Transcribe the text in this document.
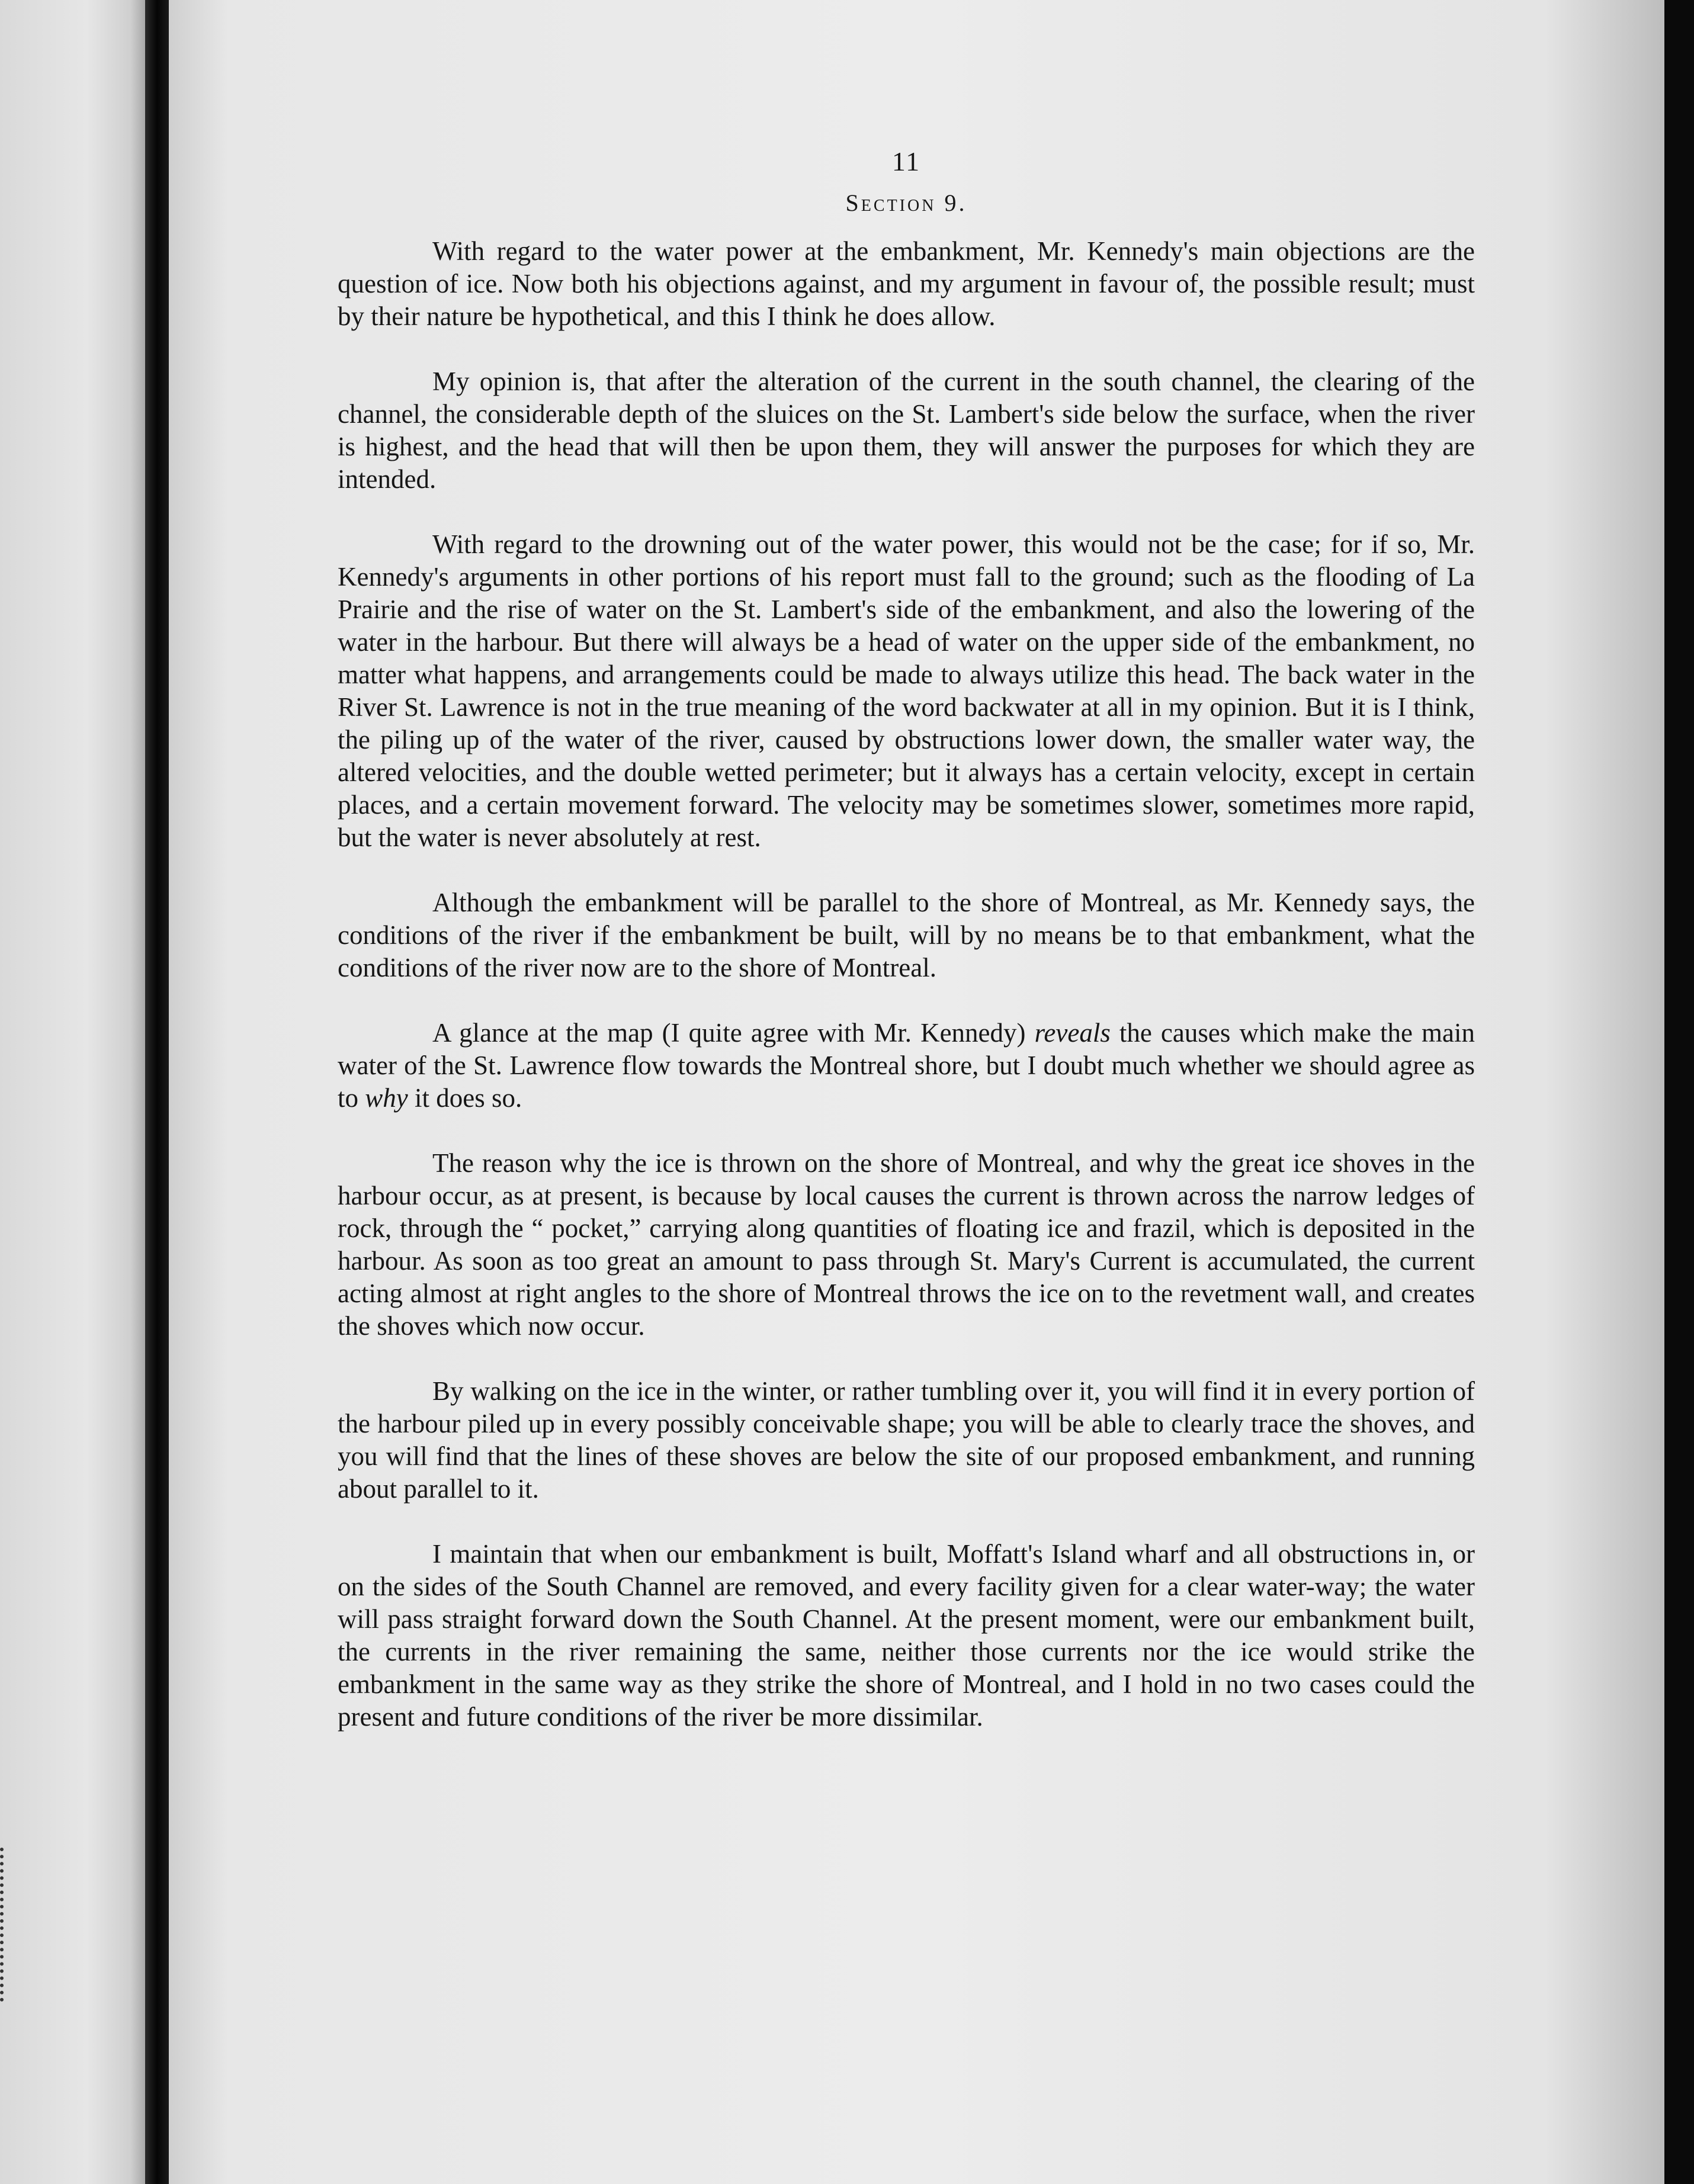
11

Section 9.

With regard to the water power at the embankment, Mr. Kennedy's main objections are the question of ice. Now both his objections against, and my argument in favour of, the possible result; must by their nature be hypothetical, and this I think he does allow.

My opinion is, that after the alteration of the current in the south channel, the clearing of the channel, the considerable depth of the sluices on the St. Lambert's side below the surface, when the river is highest, and the head that will then be upon them, they will answer the purposes for which they are intended.

With regard to the drowning out of the water power, this would not be the case; for if so, Mr. Kennedy's arguments in other portions of his report must fall to the ground; such as the flooding of La Prairie and the rise of water on the St. Lambert's side of the embankment, and also the lowering of the water in the harbour. But there will always be a head of water on the upper side of the embankment, no matter what happens, and arrangements could be made to always utilize this head. The back water in the River St. Lawrence is not in the true meaning of the word backwater at all in my opinion. But it is I think, the piling up of the water of the river, caused by obstructions lower down, the smaller water way, the altered velocities, and the double wetted perimeter; but it always has a certain velocity, except in certain places, and a certain movement forward. The velocity may be sometimes slower, sometimes more rapid, but the water is never absolutely at rest.

Although the embankment will be parallel to the shore of Montreal, as Mr. Kennedy says, the conditions of the river if the embankment be built, will by no means be to that embankment, what the conditions of the river now are to the shore of Montreal.

A glance at the map (I quite agree with Mr. Kennedy) reveals the causes which make the main water of the St. Lawrence flow towards the Montreal shore, but I doubt much whether we should agree as to why it does so.

The reason why the ice is thrown on the shore of Montreal, and why the great ice shoves in the harbour occur, as at present, is because by local causes the current is thrown across the narrow ledges of rock, through the “ pocket,” carrying along quantities of floating ice and frazil, which is deposited in the harbour. As soon as too great an amount to pass through St. Mary's Current is accumulated, the current acting almost at right angles to the shore of Montreal throws the ice on to the revetment wall, and creates the shoves which now occur.

By walking on the ice in the winter, or rather tumbling over it, you will find it in every portion of the harbour piled up in every possibly conceivable shape; you will be able to clearly trace the shoves, and you will find that the lines of these shoves are below the site of our proposed embankment, and running about parallel to it.

I maintain that when our embankment is built, Moffatt's Island wharf and all obstructions in, or on the sides of the South Channel are removed, and every facility given for a clear water-way; the water will pass straight forward down the South Channel. At the present moment, were our embankment built, the currents in the river remaining the same, neither those currents nor the ice would strike the embankment in the same way as they strike the shore of Montreal, and I hold in no two cases could the present and future conditions of the river be more dissimilar.
